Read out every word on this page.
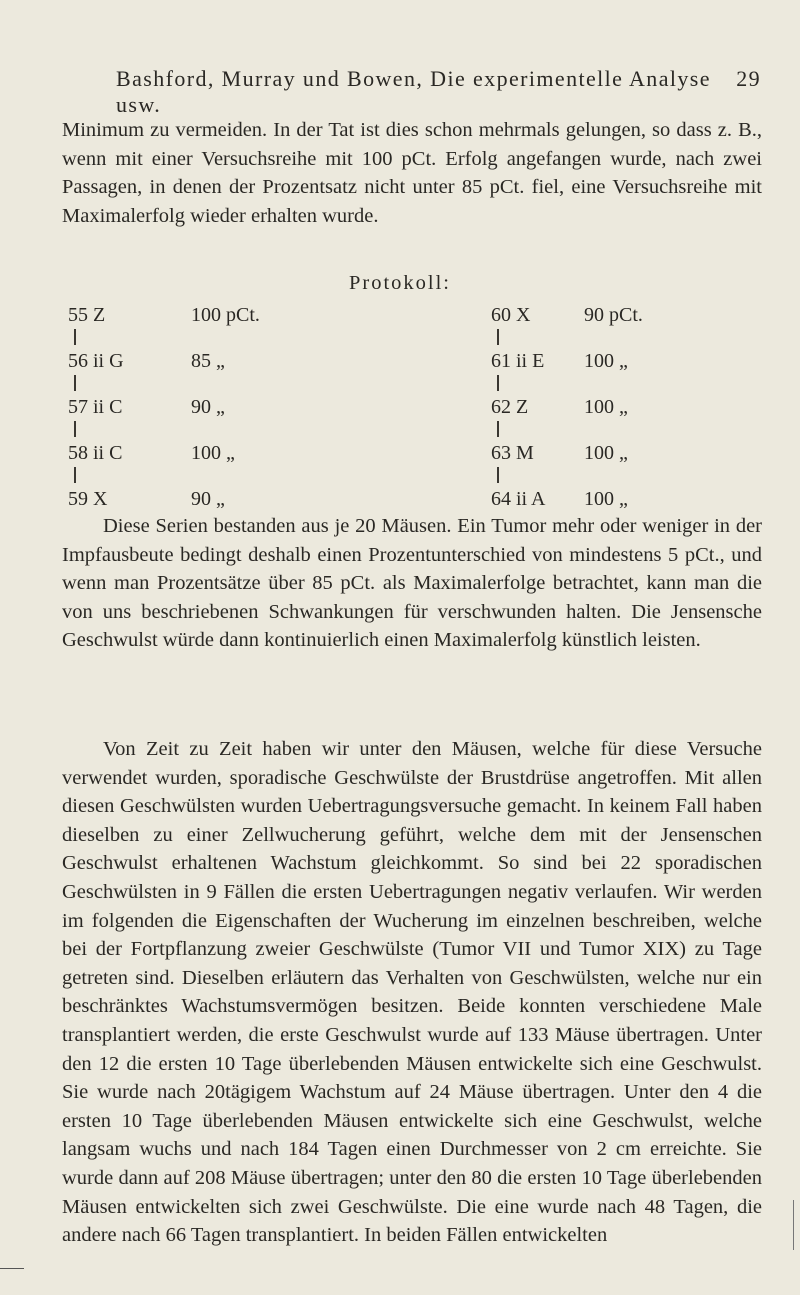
Bashford, Murray und Bowen, Die experimentelle Analyse usw.
29

Minimum zu vermeiden. In der Tat ist dies schon mehrmals gelungen, so dass z. B., wenn mit einer Versuchsreihe mit 100 pCt. Erfolg angefangen wurde, nach zwei Passagen, in denen der Prozentsatz nicht unter 85 pCt. fiel, eine Versuchsreihe mit Maximalerfolg wieder erhalten wurde.

Protokoll:
55 Z
56 ii G
57 ii C
58 ii C
59 X
100 pCt.
85 „
90 „
100 „
90 „
60 X
61 ii E
62 Z
63 M
64 ii A
90 pCt.
100 „
100 „
100 „
100 „

Diese Serien bestanden aus je 20 Mäusen. Ein Tumor mehr oder weniger in der Impfausbeute bedingt deshalb einen Prozentunterschied von mindestens 5 pCt., und wenn man Prozentsätze über 85 pCt. als Maximalerfolge betrachtet, kann man die von uns beschriebenen Schwankungen für verschwunden halten. Die Jensensche Geschwulst würde dann kontinuierlich einen Maximalerfolg künstlich leisten.

Von Zeit zu Zeit haben wir unter den Mäusen, welche für diese Versuche verwendet wurden, sporadische Geschwülste der Brustdrüse angetroffen. Mit allen diesen Geschwülsten wurden Uebertragungsversuche gemacht. In keinem Fall haben dieselben zu einer Zellwucherung geführt, welche dem mit der Jensenschen Geschwulst erhaltenen Wachstum gleichkommt. So sind bei 22 sporadischen Geschwülsten in 9 Fällen die ersten Uebertragungen negativ verlaufen. Wir werden im folgenden die Eigenschaften der Wucherung im einzelnen beschreiben, welche bei der Fortpflanzung zweier Geschwülste (Tumor VII und Tumor XIX) zu Tage getreten sind. Dieselben erläutern das Verhalten von Geschwülsten, welche nur ein beschränktes Wachstumsvermögen besitzen. Beide konnten verschiedene Male transplantiert werden, die erste Geschwulst wurde auf 133 Mäuse übertragen. Unter den 12 die ersten 10 Tage überlebenden Mäusen entwickelte sich eine Geschwulst. Sie wurde nach 20tägigem Wachstum auf 24 Mäuse übertragen. Unter den 4 die ersten 10 Tage überlebenden Mäusen entwickelte sich eine Geschwulst, welche langsam wuchs und nach 184 Tagen einen Durchmesser von 2 cm erreichte. Sie wurde dann auf 208 Mäuse übertragen; unter den 80 die ersten 10 Tage überlebenden Mäusen entwickelten sich zwei Geschwülste. Die eine wurde nach 48 Tagen, die andere nach 66 Tagen transplantiert. In beiden Fällen entwickelten
